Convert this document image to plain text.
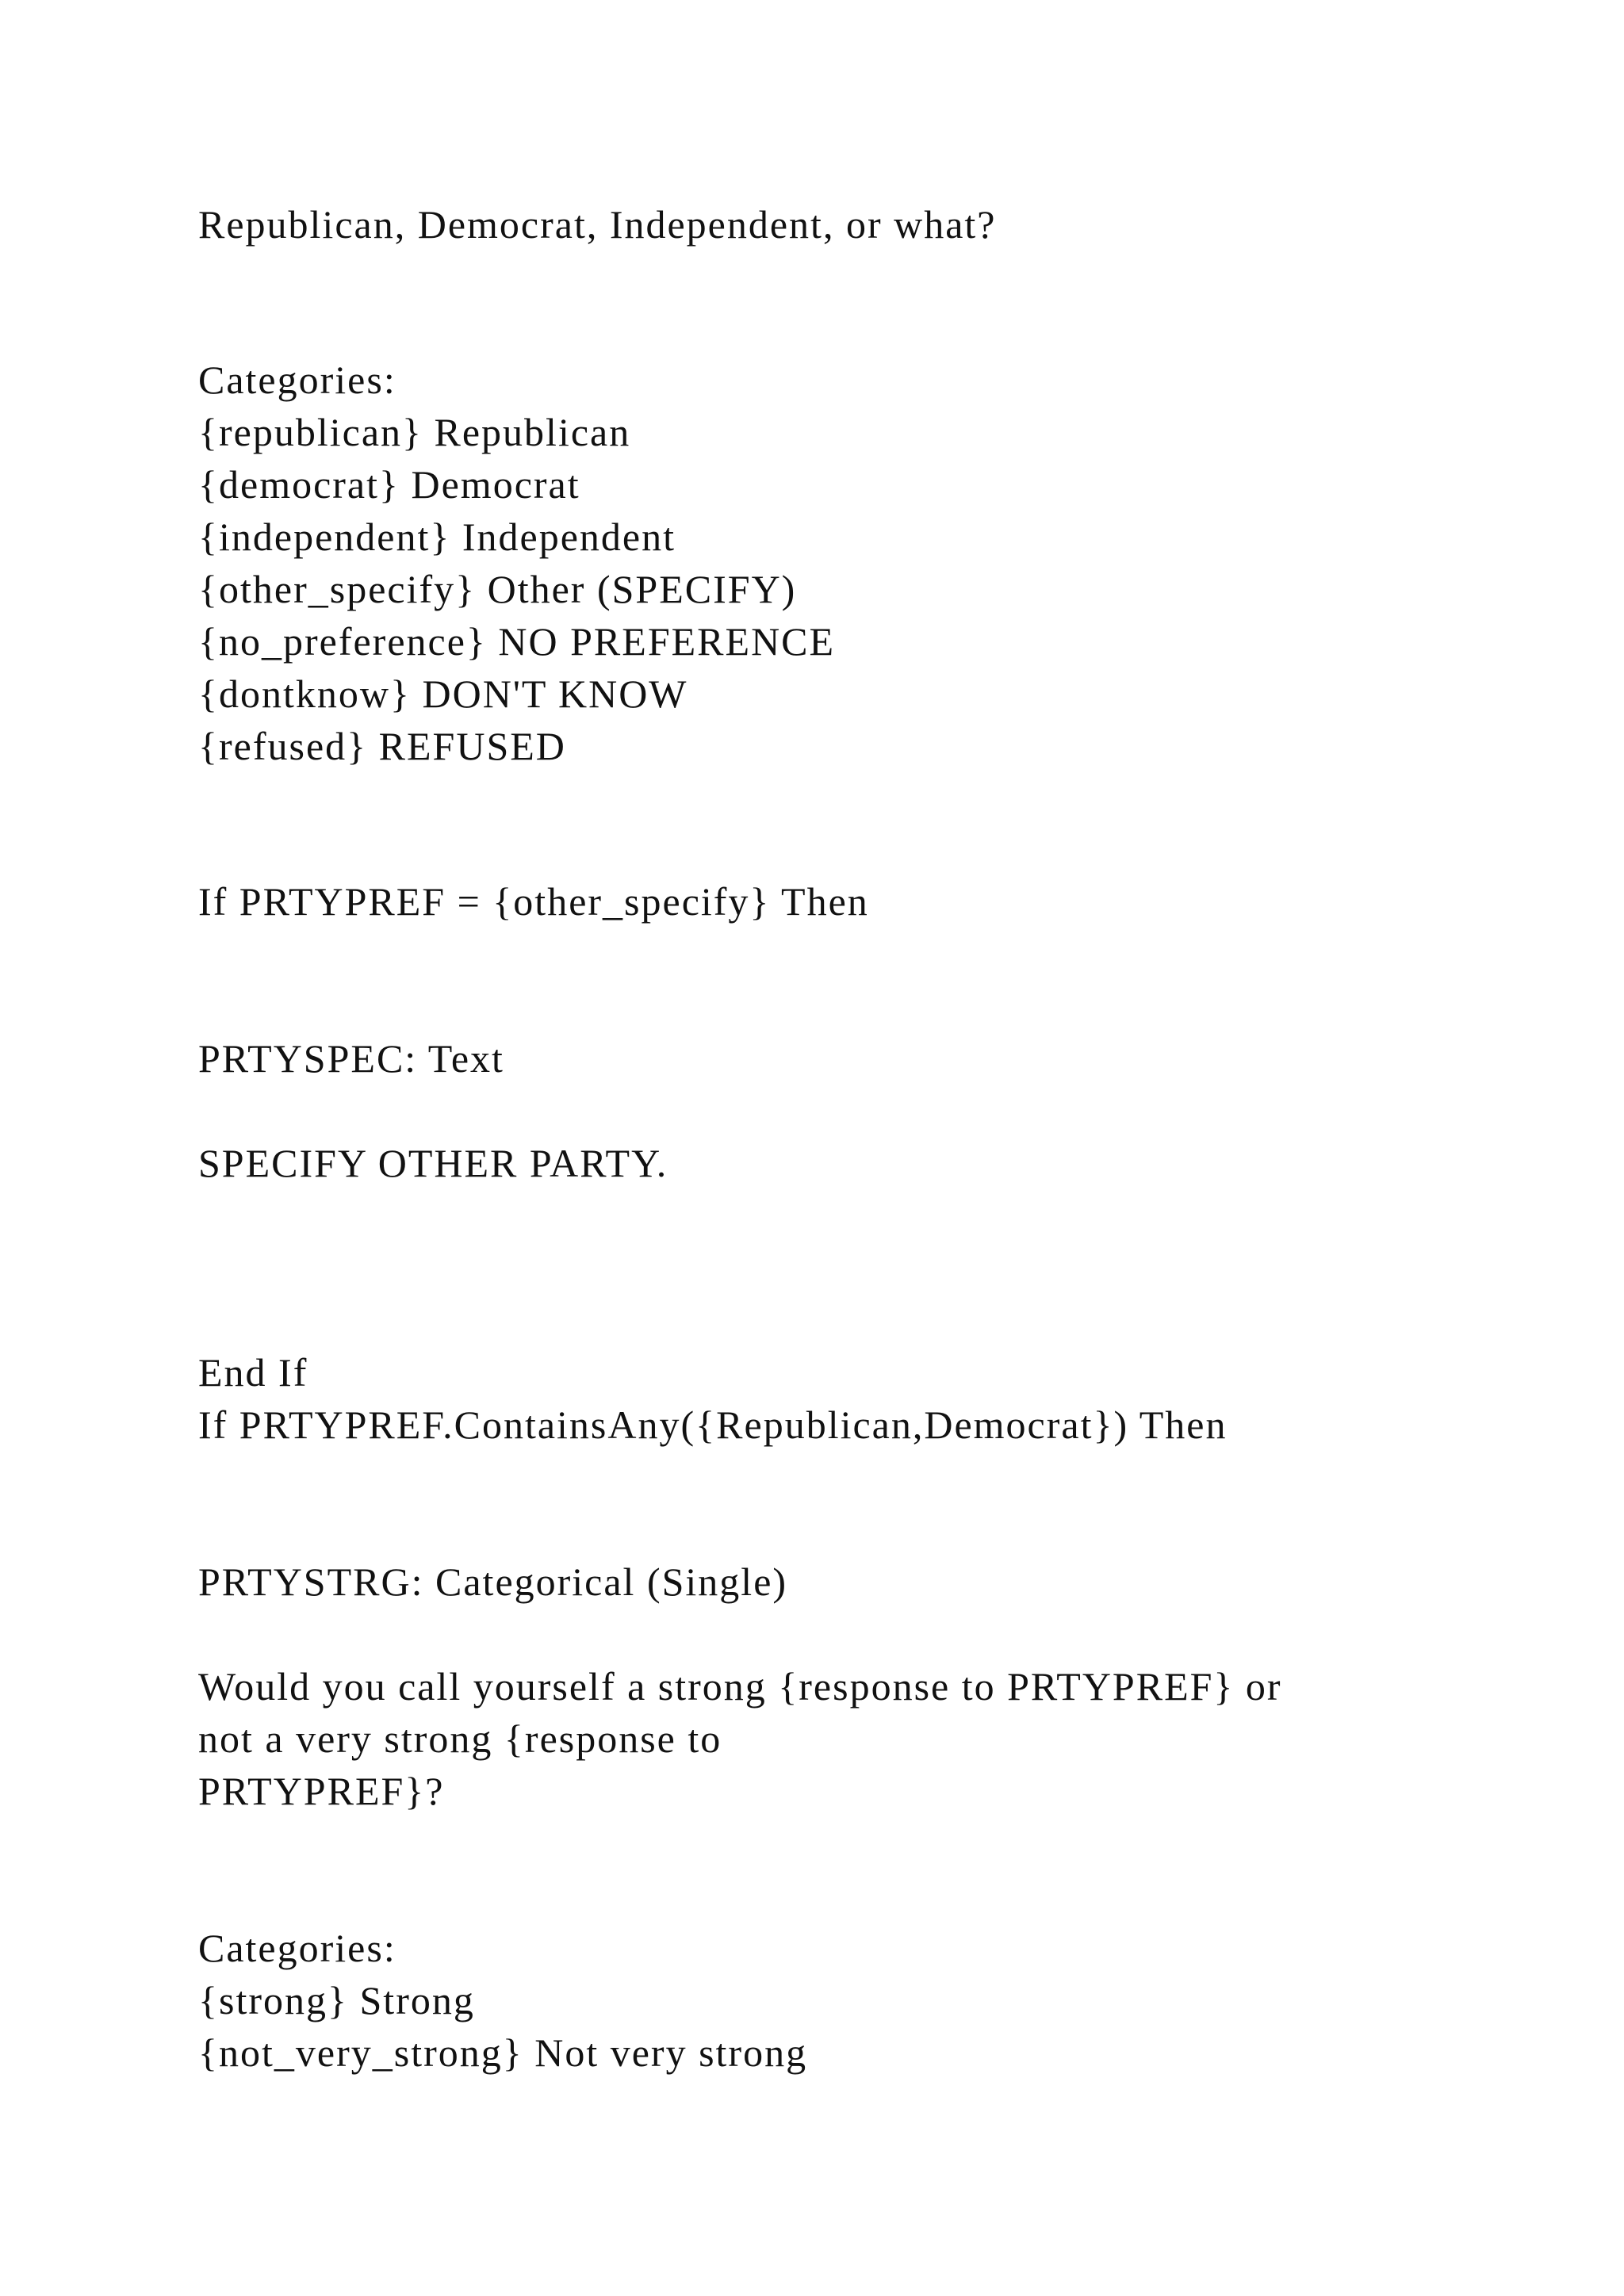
Republican, Democrat, Independent, or what?
Categories:
{republican} Republican
{democrat} Democrat
{independent} Independent
{other_specify} Other (SPECIFY)
{no_preference} NO PREFERENCE
{dontknow} DON'T KNOW
{refused} REFUSED
If PRTYPREF = {other_specify} Then
PRTYSPEC: Text
SPECIFY OTHER PARTY.
End If
If PRTYPREF.ContainsAny({Republican,Democrat}) Then
PRTYSTRG: Categorical (Single)
Would you call yourself a strong {response to PRTYPREF} or
not a very strong {response to
PRTYPREF}?
Categories:
{strong} Strong
{not_very_strong} Not very strong
